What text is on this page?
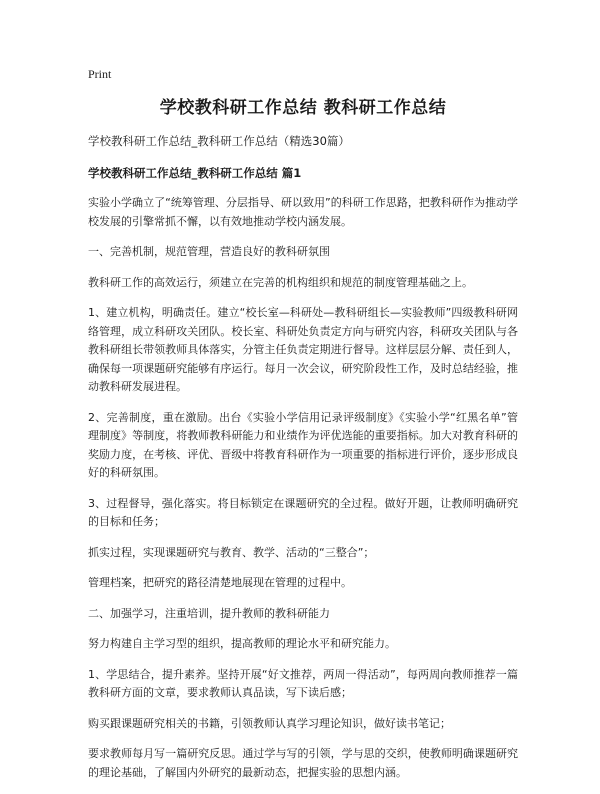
Print
学校教科研工作总结 教科研工作总结
学校教科研工作总结_教科研工作总结（精选30篇）
学校教科研工作总结_教科研工作总结 篇1

实验小学确立了“统筹管理、分层指导、研以致用”的科研工作思路，把教科研作为推动学校发展的引擎常抓不懈，以有效地推动学校内涵发展。

一、完善机制，规范管理，营造良好的教科研氛围

教科研工作的高效运行，须建立在完善的机构组织和规范的制度管理基础之上。

1、建立机构，明确责任。建立“校长室—科研处—教科研组长—实验教师”四级教科研网络管理，成立科研攻关团队。校长室、科研处负责定方向与研究内容，科研攻关团队与各教科研组长带领教师具体落实，分管主任负责定期进行督导。这样层层分解、责任到人，确保每一项课题研究能够有序运行。每月一次会议，研究阶段性工作，及时总结经验，推动教科研发展进程。

2、完善制度，重在激励。出台《实验小学信用记录评级制度》《实验小学“红黑名单”管理制度》等制度，将教师教科研能力和业绩作为评优选能的重要指标。加大对教育科研的奖励力度，在考核、评优、晋级中将教育科研作为一项重要的指标进行评价，逐步形成良好的科研氛围。

3、过程督导，强化落实。将目标锁定在课题研究的全过程。做好开题，让教师明确研究的目标和任务；

抓实过程，实现课题研究与教育、教学、活动的“三整合”；

管理档案，把研究的路径清楚地展现在管理的过程中。

二、加强学习，注重培训，提升教师的教科研能力

努力构建自主学习型的组织，提高教师的理论水平和研究能力。

1、学思结合，提升素养。坚持开展“好文推荐，两周一得活动”，每两周向教师推荐一篇教科研方面的文章，要求教师认真品读，写下读后感；

购买跟课题研究相关的书籍，引领教师认真学习理论知识，做好读书笔记；

要求教师每月写一篇研究反思。通过学与写的引领，学与思的交织，使教师明确课题研究的理论基础，了解国内外研究的最新动态，把握实验的思想内涵。
